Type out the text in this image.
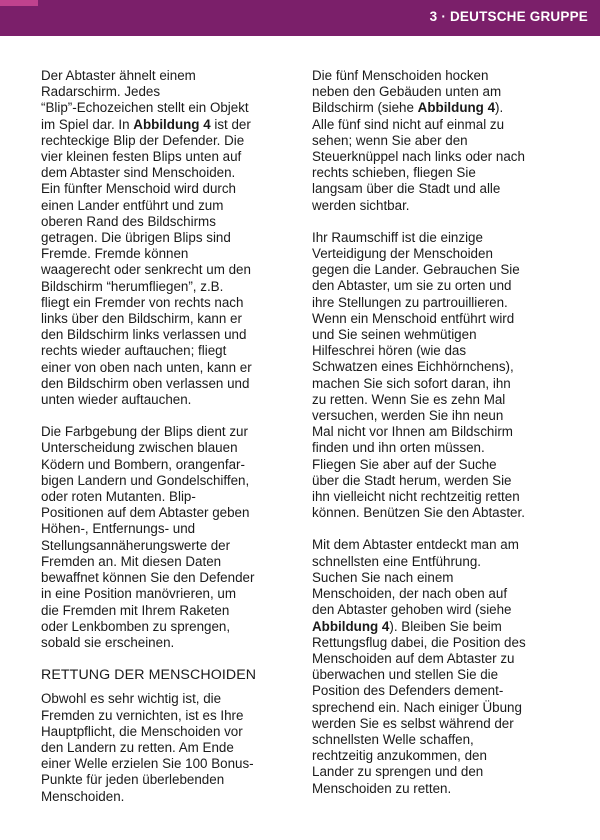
3 · DEUTSCHE GRUPPE
Der Abtaster ähnelt einem
Radarschirm. Jedes
“Blip”-Echozeichen stellt ein Objekt
im Spiel dar. In Abbildung 4 ist der
rechteckige Blip der Defender. Die
vier kleinen festen Blips unten auf
dem Abtaster sind Menschoiden.
Ein fünfter Menschoid wird durch
einen Lander entführt und zum
oberen Rand des Bildschirms
getragen. Die übrigen Blips sind
Fremde. Fremde können
waagerecht oder senkrecht um den
Bildschirm “herumfliegen”, z.B.
fliegt ein Fremder von rechts nach
links über den Bildschirm, kann er
den Bildschirm links verlassen und
rechts wieder auftauchen; fliegt
einer von oben nach unten, kann er
den Bildschirm oben verlassen und
unten wieder auftauchen.
Die Farbgebung der Blips dient zur
Unterscheidung zwischen blauen
Ködern und Bombern, orangenfar-
bigen Landern und Gondelschiffen,
oder roten Mutanten. Blip-
Positionen auf dem Abtaster geben
Höhen-, Entfernungs- und
Stellungsannäherungswerte der
Fremden an. Mit diesen Daten
bewaffnet können Sie den Defender
in eine Position manövrieren, um
die Fremden mit Ihrem Raketen
oder Lenkbomben zu sprengen,
sobald sie erscheinen.
RETTUNG DER MENSCHOIDEN
Obwohl es sehr wichtig ist, die
Fremden zu vernichten, ist es Ihre
Hauptpflicht, die Menschoiden vor
den Landern zu retten. Am Ende
einer Welle erzielen Sie 100 Bonus-
Punkte für jeden überlebenden
Menschoiden.
Die fünf Menschoiden hocken
neben den Gebäuden unten am
Bildschirm (siehe Abbildung 4).
Alle fünf sind nicht auf einmal zu
sehen; wenn Sie aber den
Steuerknüppel nach links oder nach
rechts schieben, fliegen Sie
langsam über die Stadt und alle
werden sichtbar.
Ihr Raumschiff ist die einzige
Verteidigung der Menschoiden
gegen die Lander. Gebrauchen Sie
den Abtaster, um sie zu orten und
ihre Stellungen zu partrouillieren.
Wenn ein Menschoid entführt wird
und Sie seinen wehmütigen
Hilfeschrei hören (wie das
Schwatzen eines Eichhörnchens),
machen Sie sich sofort daran, ihn
zu retten. Wenn Sie es zehn Mal
versuchen, werden Sie ihn neun
Mal nicht vor Ihnen am Bildschirm
finden und ihn orten müssen.
Fliegen Sie aber auf der Suche
über die Stadt herum, werden Sie
ihn vielleicht nicht rechtzeitig retten
können. Benützen Sie den Abtaster.
Mit dem Abtaster entdeckt man am
schnellsten eine Entführung.
Suchen Sie nach einem
Menschoiden, der nach oben auf
den Abtaster gehoben wird (siehe
Abbildung 4). Bleiben Sie beim
Rettungsflug dabei, die Position des
Menschoiden auf dem Abtaster zu
überwachen und stellen Sie die
Position des Defenders dement-
sprechend ein. Nach einiger Übung
werden Sie es selbst während der
schnellsten Welle schaffen,
rechtzeitig anzukommen, den
Lander zu sprengen und den
Menschoiden zu retten.
